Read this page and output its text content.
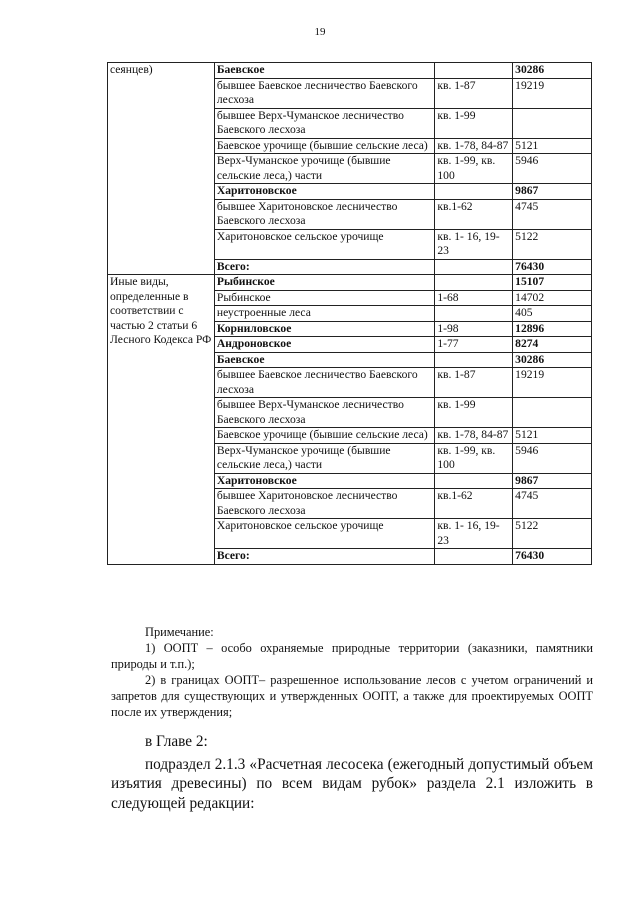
19
сеянцев)	Баевское		30286
	бывшее Баевское лесничество Баевского лесхоза	кв. 1-87	19219
	бывшее Верх-Чуманское лесничество Баевского лесхоза	кв. 1-99	
	Баевское урочище (бывшие сельские леса)	кв. 1-78, 84-87	5121
	Верх-Чуманское урочище (бывшие сельские леса,) части	кв. 1-99, кв. 100	5946
	Харитоновское		9867
	бывшее Харитоновское лесничество Баевского лесхоза	кв.1-62	4745
	Харитоновское сельское урочище	кв. 1- 16, 19-23	5122
	Всего:		76430
Иные виды, определенные в соответствии с частью 2 статьи 6 Лесного Кодекса РФ	Рыбинское		15107
	Рыбинское	1-68	14702
	неустроенные леса		405
	Корниловское	1-98	12896
	Андроновское	1-77	8274
	Баевское		30286
	бывшее Баевское лесничество Баевского лесхоза	кв. 1-87	19219
	бывшее Верх-Чуманское лесничество Баевского лесхоза	кв. 1-99	
	Баевское урочище (бывшие сельские леса)	кв. 1-78, 84-87	5121
	Верх-Чуманское урочище (бывшие сельские леса,) части	кв. 1-99, кв. 100	5946
	Харитоновское		9867
	бывшее Харитоновское лесничество Баевского лесхоза	кв.1-62	4745
	Харитоновское сельское урочище	кв. 1- 16, 19-23	5122
	Всего:		76430

Примечание:

1) ООПТ – особо охраняемые природные территории (заказники, памятники природы и т.п.);

2) в границах ООПТ– разрешенное использование лесов с учетом ограничений и запретов для существующих и утвержденных ООПТ, а также для проектируемых ООПТ после их утверждения;

в Главе 2:

подраздел 2.1.3 «Расчетная лесосека (ежегодный допустимый объем изъятия древесины) по всем видам рубок» раздела 2.1 изложить в следующей редакции:
